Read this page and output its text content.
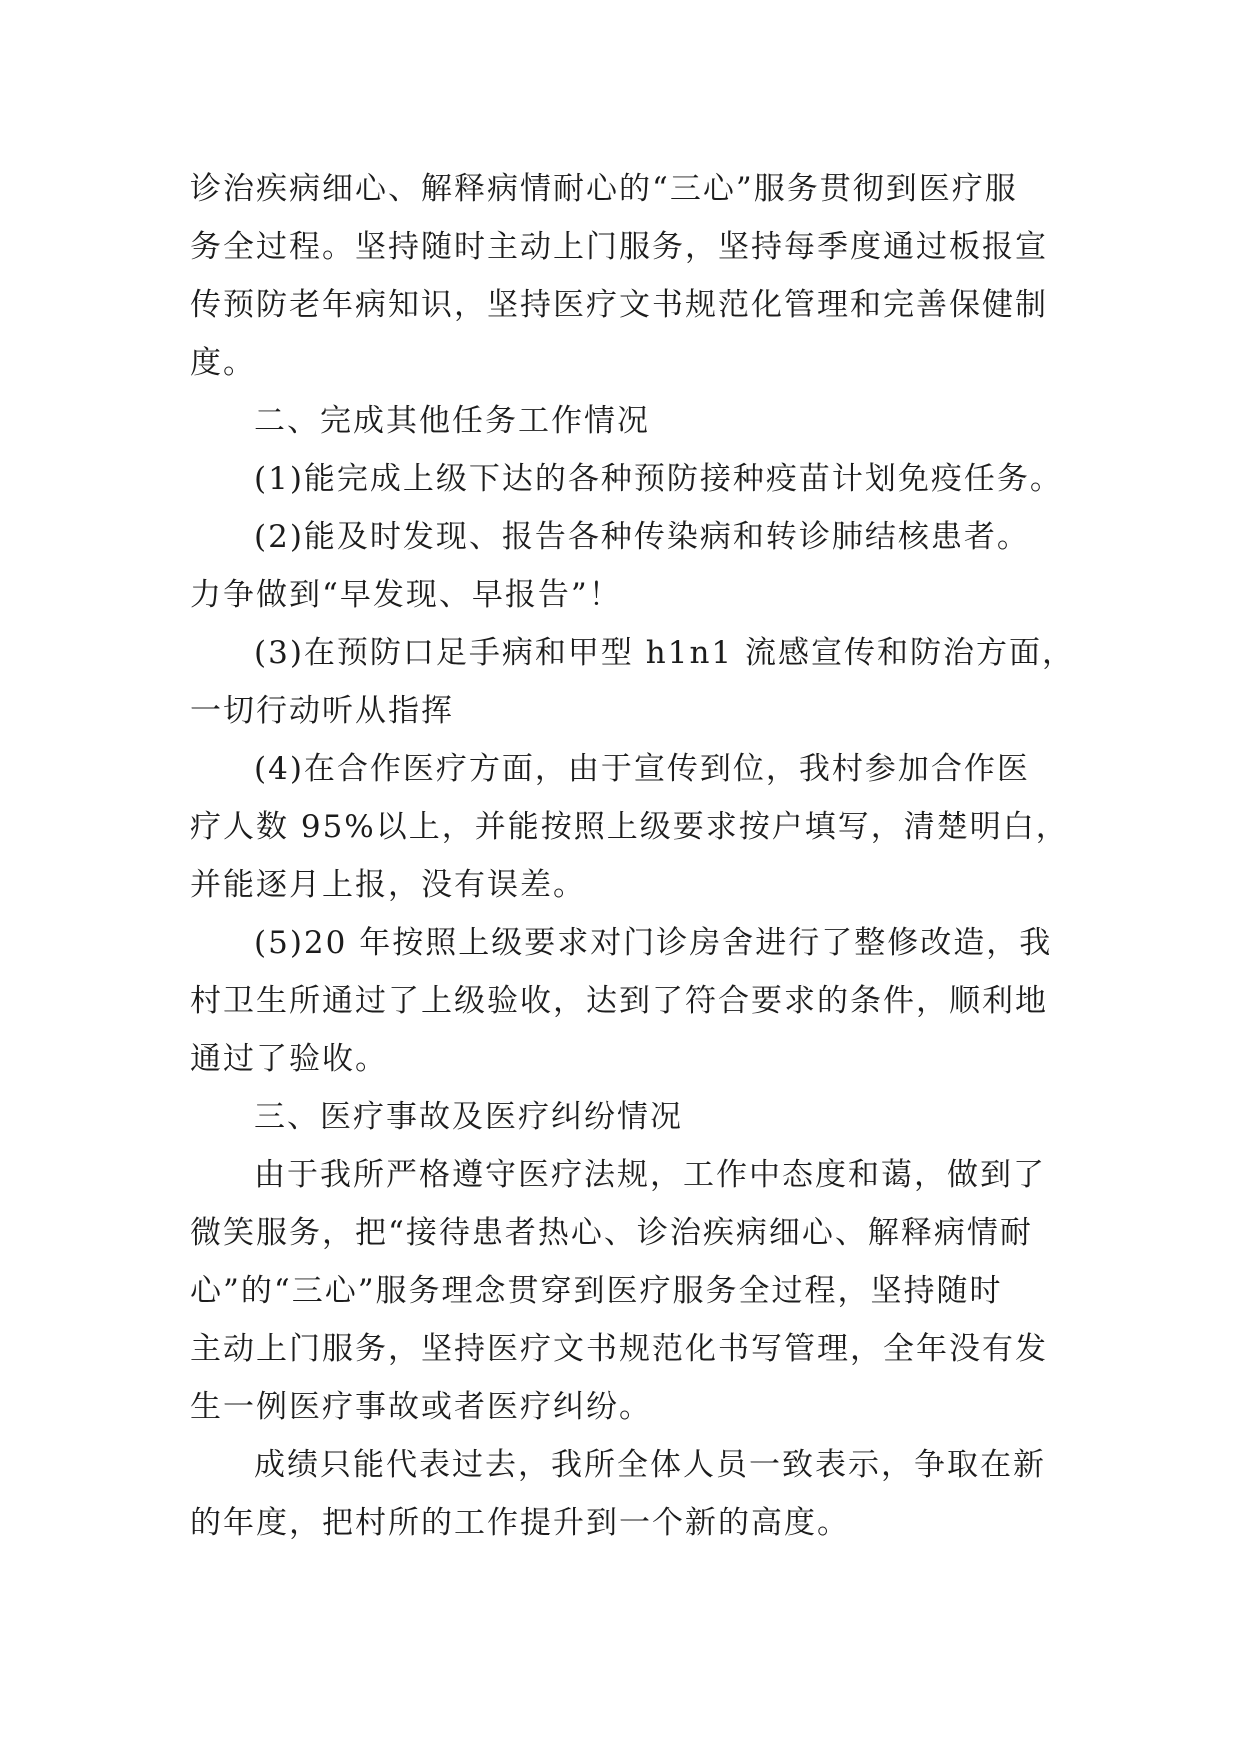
诊治疾病细心、解释病情耐心的“三心”服务贯彻到医疗服
务全过程。坚持随时主动上门服务，坚持每季度通过板报宣
传预防老年病知识，坚持医疗文书规范化管理和完善保健制
度。
二、完成其他任务工作情况
(1)能完成上级下达的各种预防接种疫苗计划免疫任务。
(2)能及时发现、报告各种传染病和转诊肺结核患者。
力争做到“早发现、早报告”！
(3)在预防口足手病和甲型 h1n1 流感宣传和防治方面，
一切行动听从指挥
(4)在合作医疗方面，由于宣传到位，我村参加合作医
疗人数 95%以上，并能按照上级要求按户填写，清楚明白，
并能逐月上报，没有误差。
(5)20 年按照上级要求对门诊房舍进行了整修改造，我
村卫生所通过了上级验收，达到了符合要求的条件，顺利地
通过了验收。
三、医疗事故及医疗纠纷情况
由于我所严格遵守医疗法规，工作中态度和蔼，做到了
微笑服务，把“接待患者热心、诊治疾病细心、解释病情耐
心”的“三心”服务理念贯穿到医疗服务全过程，坚持随时
主动上门服务，坚持医疗文书规范化书写管理，全年没有发
生一例医疗事故或者医疗纠纷。
成绩只能代表过去，我所全体人员一致表示，争取在新
的年度，把村所的工作提升到一个新的高度。
